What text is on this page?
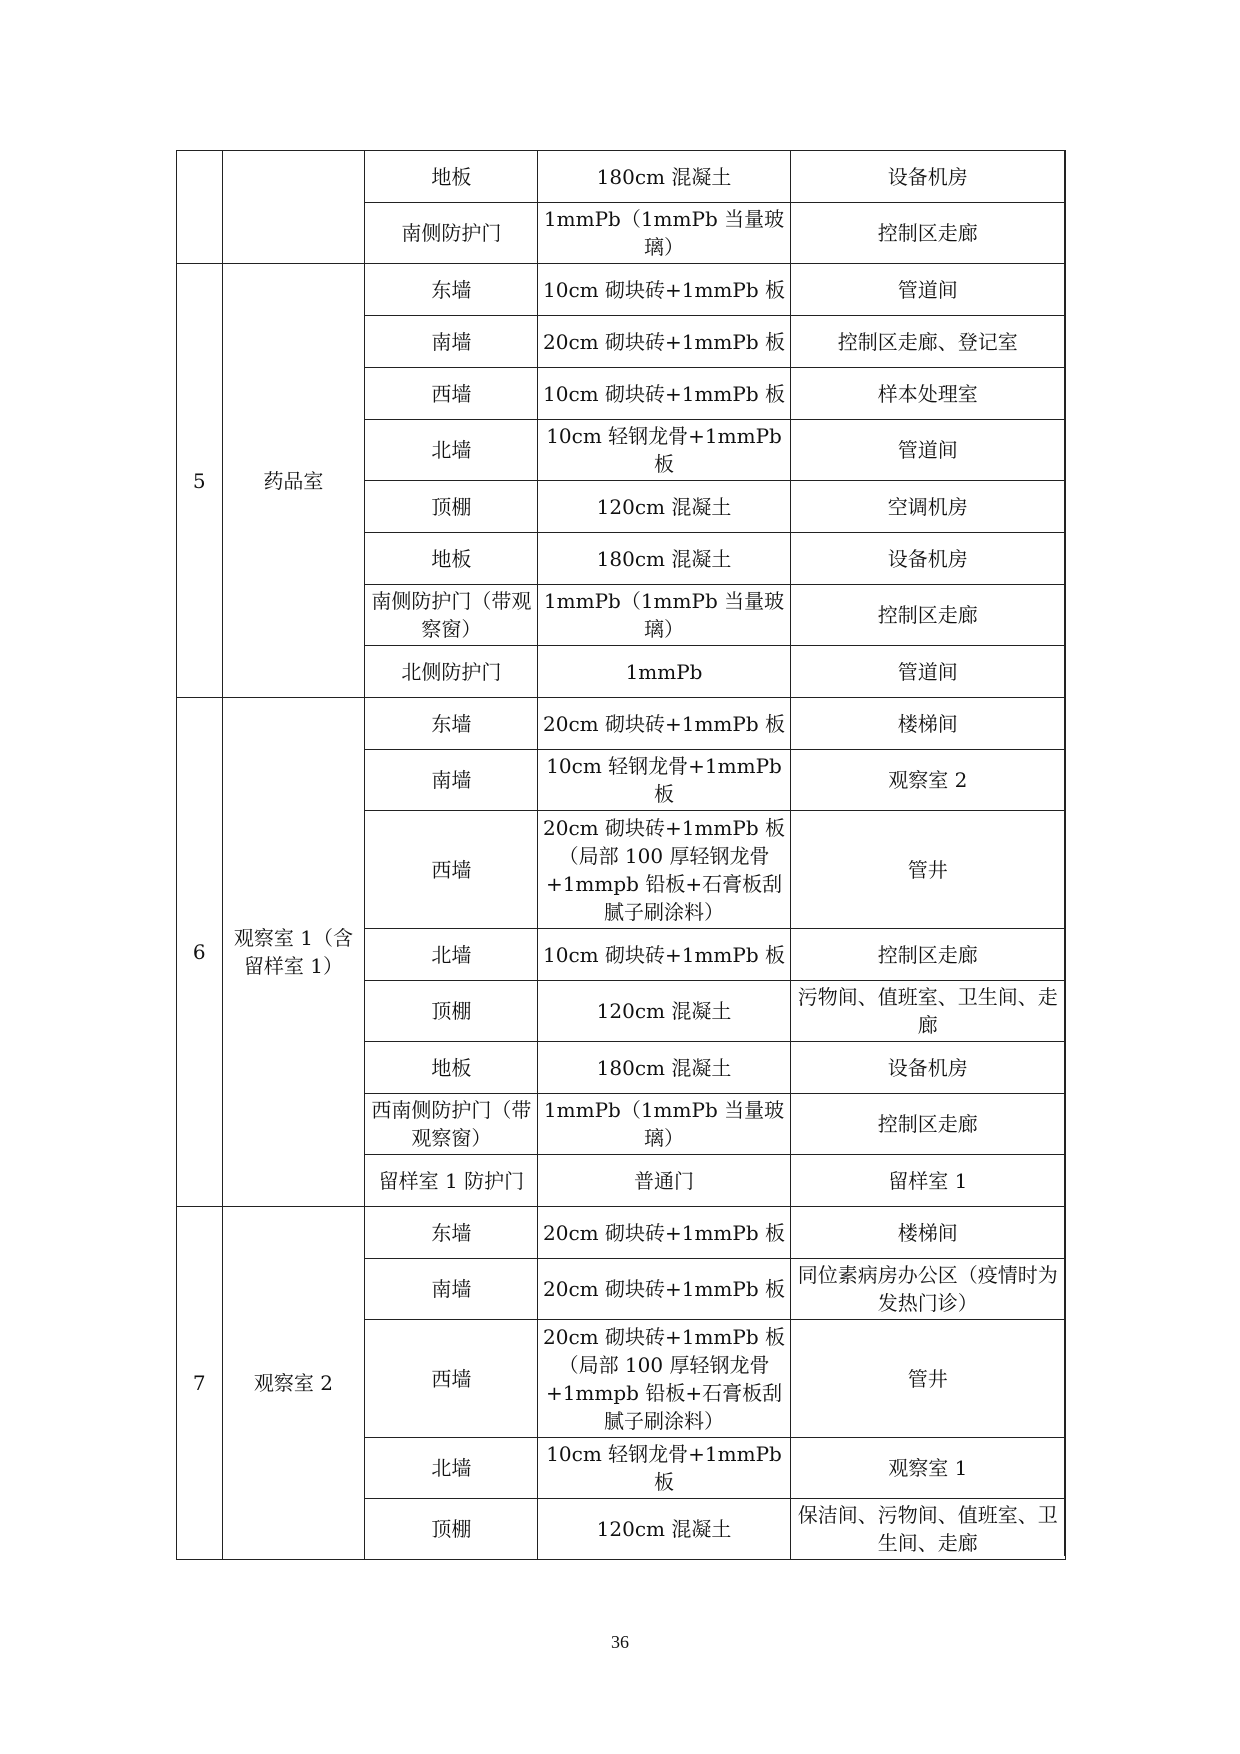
		地板	180cm 混凝土	设备机房
		南侧防护门	1mmPb（1mmPb 当量玻璃）	控制区走廊
5	药品室	东墙	10cm 砌块砖+1mmPb 板	管道间
		南墙	20cm 砌块砖+1mmPb 板	控制区走廊、登记室
		西墙	10cm 砌块砖+1mmPb 板	样本处理室
		北墙	10cm 轻钢龙骨+1mmPb 板	管道间
		顶棚	120cm 混凝土	空调机房
		地板	180cm 混凝土	设备机房
		南侧防护门（带观察窗）	1mmPb（1mmPb 当量玻璃）	控制区走廊
		北侧防护门	1mmPb	管道间
6	观察室 1（含留样室 1）	东墙	20cm 砌块砖+1mmPb 板	楼梯间
		南墙	10cm 轻钢龙骨+1mmPb 板	观察室 2
		西墙	20cm 砌块砖+1mmPb 板（局部 100 厚轻钢龙骨+1mmpb 铅板+石膏板刮腻子刷涂料）	管井
		北墙	10cm 砌块砖+1mmPb 板	控制区走廊
		顶棚	120cm 混凝土	污物间、值班室、卫生间、走廊
		地板	180cm 混凝土	设备机房
		西南侧防护门（带观察窗）	1mmPb（1mmPb 当量玻璃）	控制区走廊
		留样室 1 防护门	普通门	留样室 1
7	观察室 2	东墙	20cm 砌块砖+1mmPb 板	楼梯间
		南墙	20cm 砌块砖+1mmPb 板	同位素病房办公区（疫情时为发热门诊）
		西墙	20cm 砌块砖+1mmPb 板（局部 100 厚轻钢龙骨+1mmpb 铅板+石膏板刮腻子刷涂料）	管井
		北墙	10cm 轻钢龙骨+1mmPb 板	观察室 1
		顶棚	120cm 混凝土	保洁间、污物间、值班室、卫生间、走廊
36
